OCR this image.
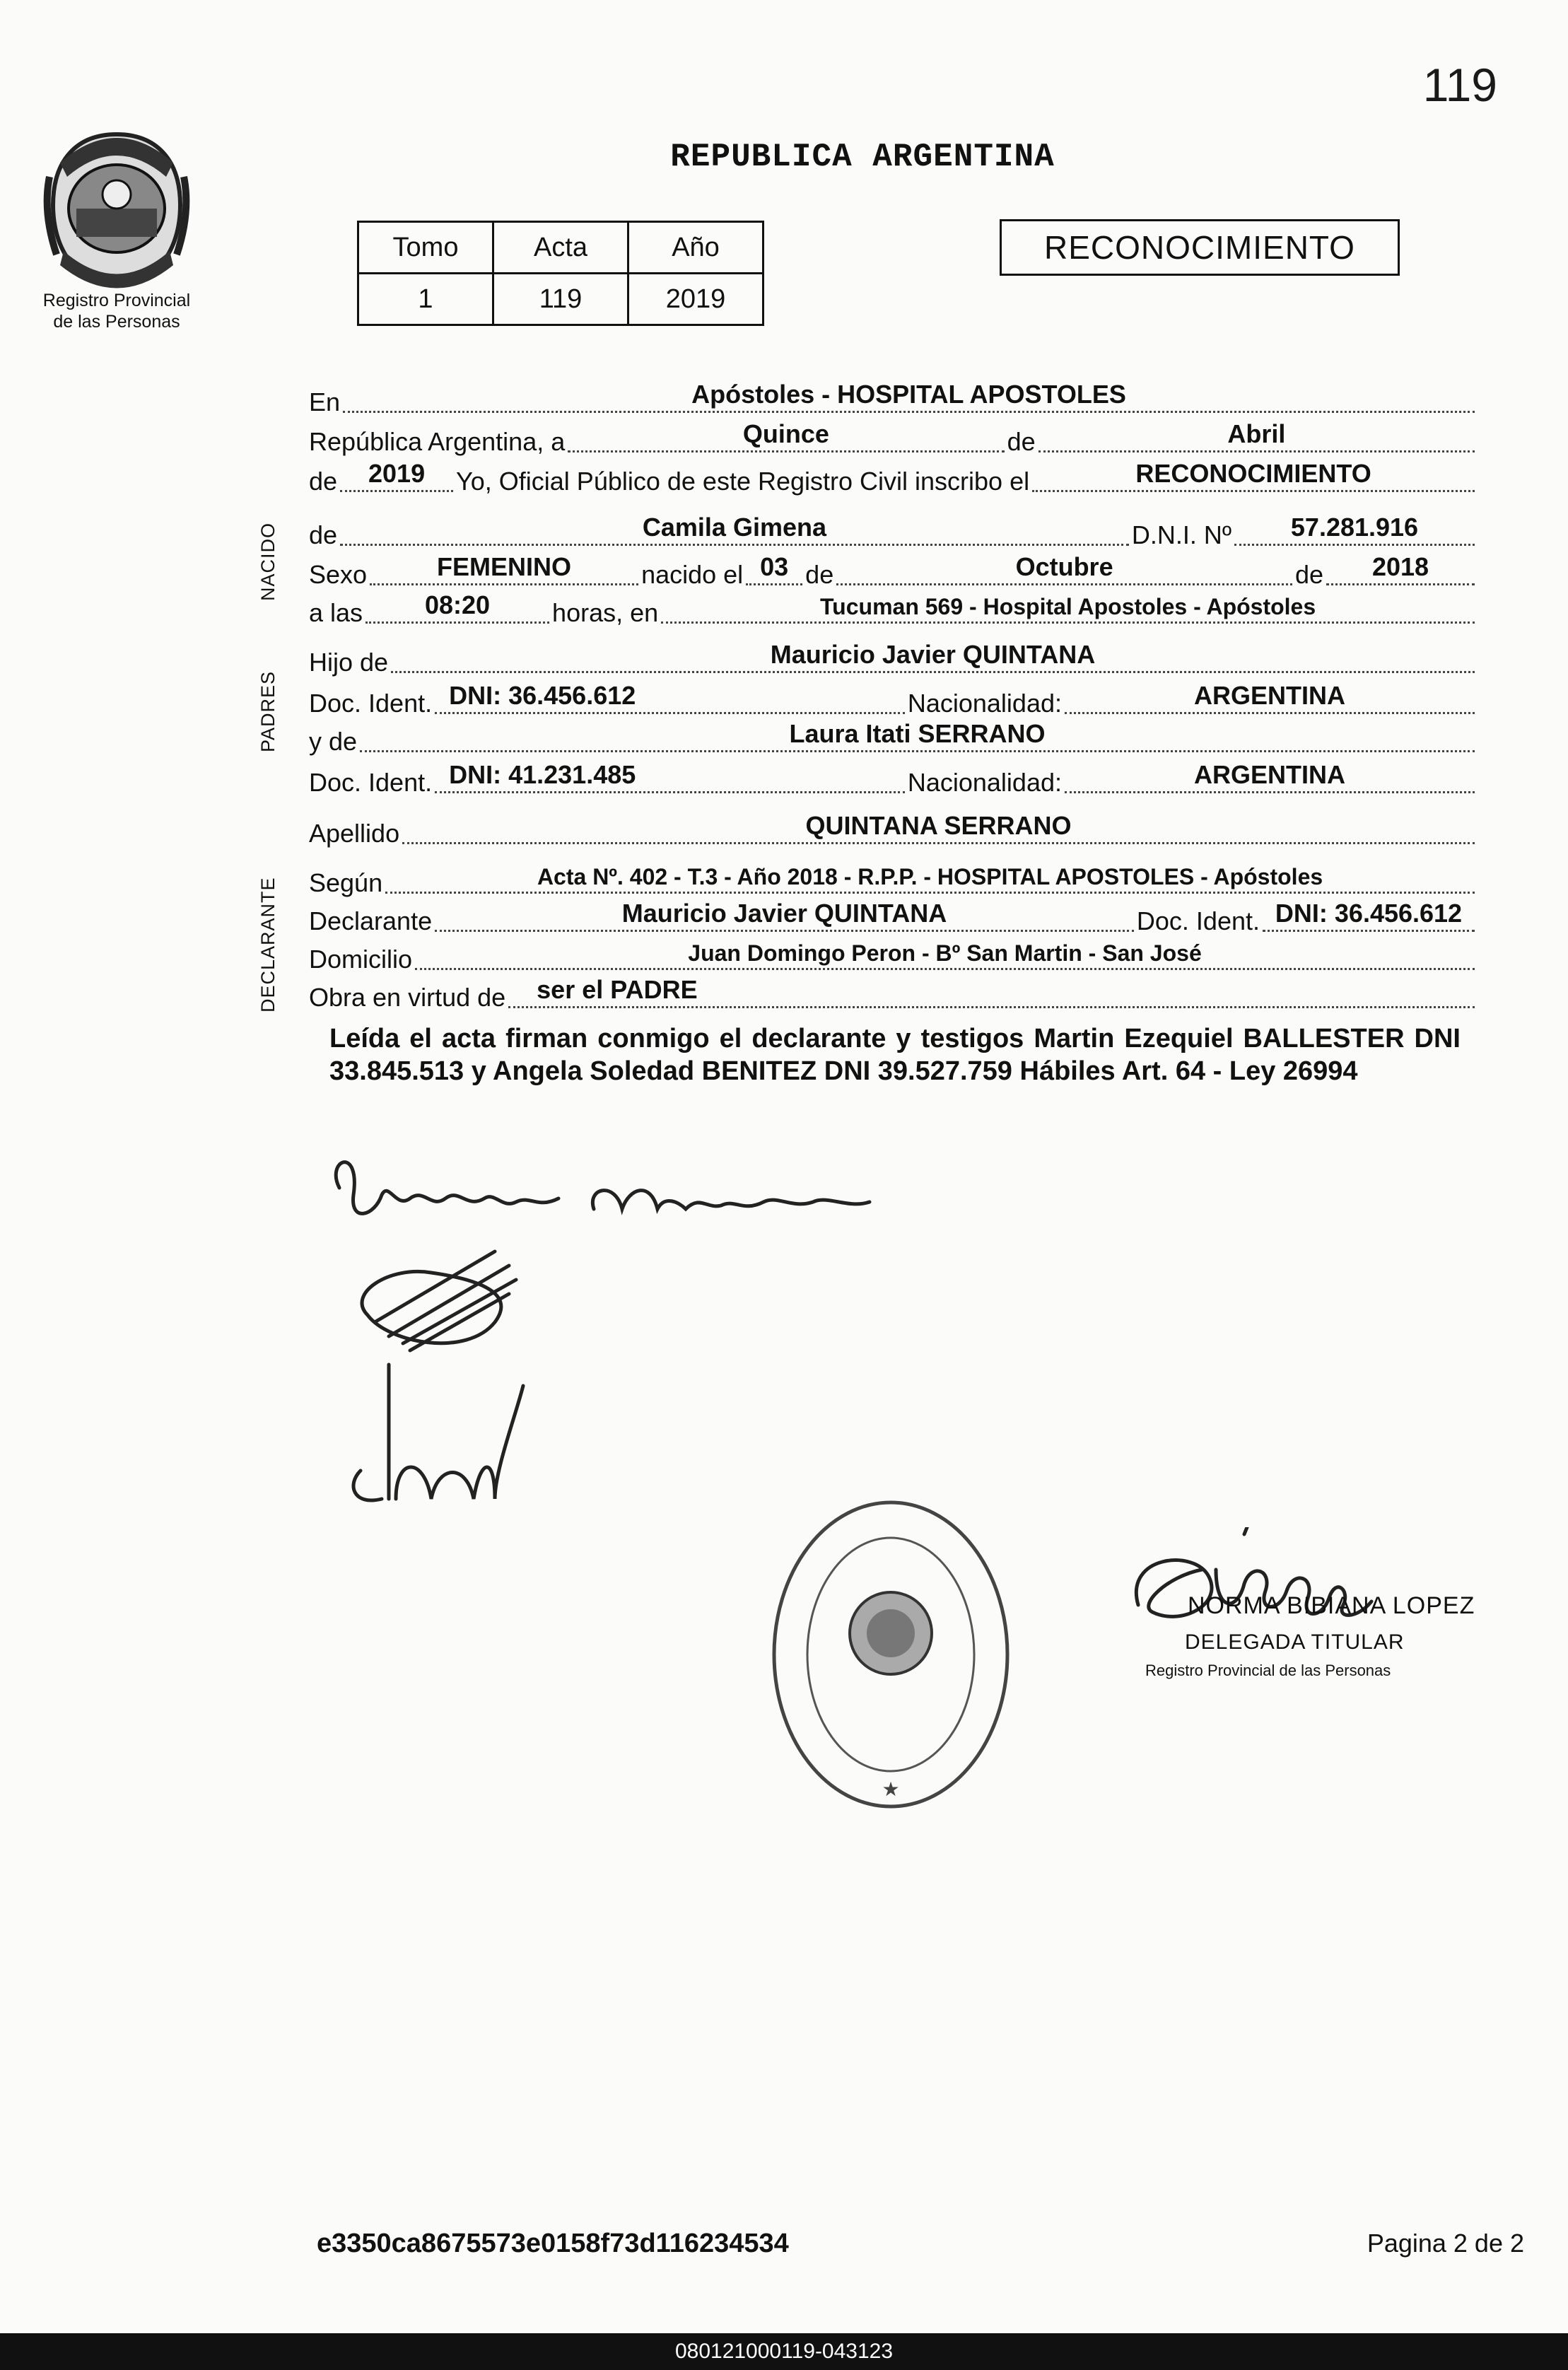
119
Registro Provincial
de las Personas
REPUBLICA ARGENTINA
Tomo	Acta	Año
1	119	2019
RECONOCIMIENTO
NACIDO
PADRES
DECLARANTE
En	Apóstoles - HOSPITAL APOSTOLES
República Argentina, a	Quince	de	Abril
de	2019	Yo, Oficial Público de este Registro Civil inscribo el	RECONOCIMIENTO
de	Camila Gimena	D.N.I. Nº	57.281.916
Sexo	FEMENINO	nacido el 03 de	Octubre	de	2018
a las	08:20	horas, en	Tucuman 569 - Hospital Apostoles - Apóstoles
Hijo de	Mauricio Javier QUINTANA
Doc. Ident. DNI: 36.456.612	Nacionalidad:	ARGENTINA
y de	Laura Itati SERRANO
Doc. Ident. DNI: 41.231.485	Nacionalidad:	ARGENTINA
Apellido	QUINTANA SERRANO
Según	Acta Nº. 402 - T.3 - Año 2018 - R.P.P. - HOSPITAL APOSTOLES - Apóstoles
Declarante	Mauricio Javier QUINTANA	Doc. Ident. DNI: 36.456.612
Domicilio	Juan Domingo Peron - Bº San Martin - San José
Obra en virtud de	ser el PADRE
Leída el acta firman conmigo el declarante y testigos Martin Ezequiel BALLESTER DNI 33.845.513 y Angela Soledad BENITEZ DNI 39.527.759 Hábiles Art. 64 - Ley 26994
★
NORMA BIBIANA LOPEZ
DELEGADA TITULAR
Registro Provincial de las Personas
e3350ca8675573e0158f73d116234534	Pagina 2 de 2
080121000119-043123
